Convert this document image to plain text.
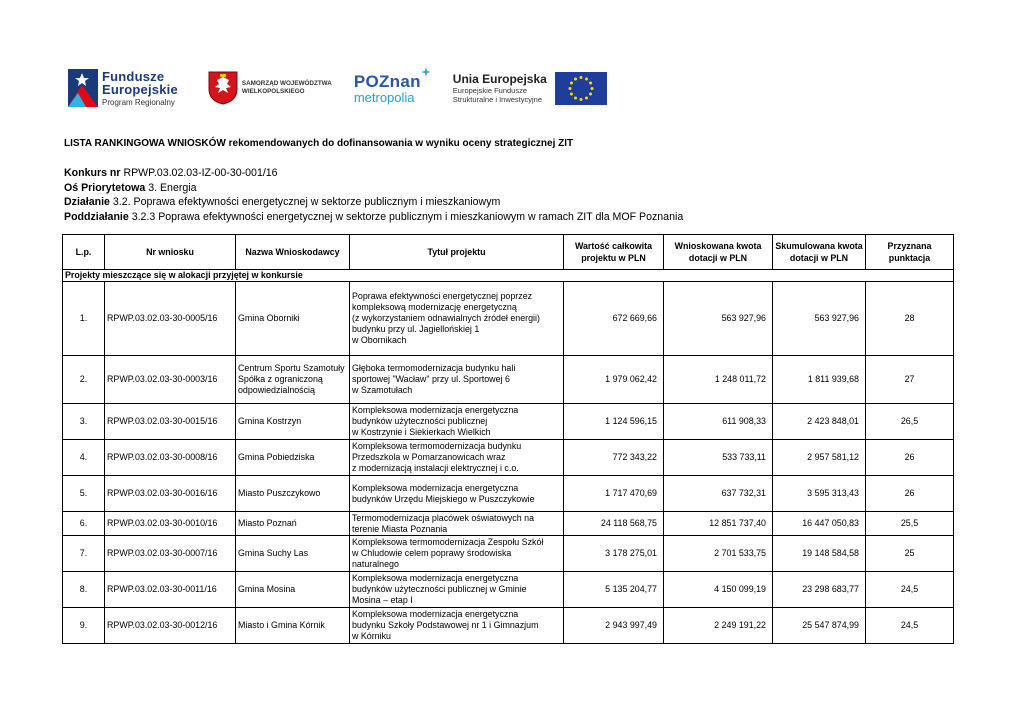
Fundusze
Europejskie
Program Regionalny
SAMORZĄD WOJEWÓDZTWA
WIELKOPOLSKIEGO
POZnan
metropolia
Unia Europejska
Europejskie Fundusze
Strukturalne i Inwestycyjne
LISTA RANKINGOWA WNIOSKÓW rekomendowanych do dofinansowania w wyniku oceny strategicznej ZIT
Konkurs nr RPWP.03.02.03-IZ-00-30-001/16
Oś Priorytetowa 3. Energia
Działanie 3.2. Poprawa efektywności energetycznej w sektorze publicznym i mieszkaniowym
Poddziałanie 3.2.3 Poprawa efektywności energetycznej w sektorze publicznym i mieszkaniowym w ramach ZIT dla MOF Poznania
L.p.	Nr wniosku	Nazwa Wnioskodawcy	Tytuł projektu	Wartość całkowita projektu w PLN	Wnioskowana kwota dotacji w PLN	Skumulowana kwota dotacji w PLN	Przyznana punktacja
Projekty mieszczące się w alokacji przyjętej w konkursie							
1.	RPWP.03.02.03-30-0005/16	Gmina Oborniki	Poprawa efektywności energetycznej poprzez
kompleksową modernizację energetyczną
(z wykorzystaniem odnawialnych źródeł energii)
budynku przy ul. Jagiellońskiej 1
w Obornikach	672 669,66	563 927,96	563 927,96	28
2.	RPWP.03.02.03-30-0003/16	Centrum Sportu Szamotuły Spółka z ograniczoną odpowiedzialnością	Głęboka termomodernizacja budynku hali
sportowej "Wacław" przy ul. Sportowej 6
w Szamotułach	1 979 062,42	1 248 011,72	1 811 939,68	27
3.	RPWP.03.02.03-30-0015/16	Gmina Kostrzyn	Kompleksowa modernizacja energetyczna
budynków użyteczności publicznej
w Kostrzynie i Siekierkach Wielkich	1 124 596,15	611 908,33	2 423 848,01	26,5
4.	RPWP.03.02.03-30-0008/16	Gmina Pobiedziska	Kompleksowa termomodernizacja budynku
Przedszkola w Pomarzanowicach wraz
z modernizacją instalacji elektrycznej i c.o.	772 343,22	533 733,11	2 957 581,12	26
5.	RPWP.03.02.03-30-0016/16	Miasto Puszczykowo	Kompleksowa modernizacja energetyczna
budynków Urzędu Miejskiego w Puszczykowie	1 717 470,69	637 732,31	3 595 313,43	26
6.	RPWP.03.02.03-30-0010/16	Miasto Poznań	Termomodernizacja placówek oświatowych na
terenie Miasta Poznania	24 118 568,75	12 851 737,40	16 447 050,83	25,5
7.	RPWP.03.02.03-30-0007/16	Gmina Suchy Las	Kompleksowa termomodernizacja Zespołu Szkół
w Chludowie celem poprawy środowiska
naturalnego	3 178 275,01	2 701 533,75	19 148 584,58	25
8.	RPWP.03.02.03-30-0011/16	Gmina Mosina	Kompleksowa modernizacja energetyczna
budynków użyteczności publicznej w Gminie
Mosina – etap I	5 135 204,77	4 150 099,19	23 298 683,77	24,5
9.	RPWP.03.02.03-30-0012/16	Miasto i Gmina Kórnik	Kompleksowa modernizacja energetyczna
budynku Szkoły Podstawowej nr 1 i Gimnazjum
w Kórniku	2 943 997,49	2 249 191,22	25 547 874,99	24,5
